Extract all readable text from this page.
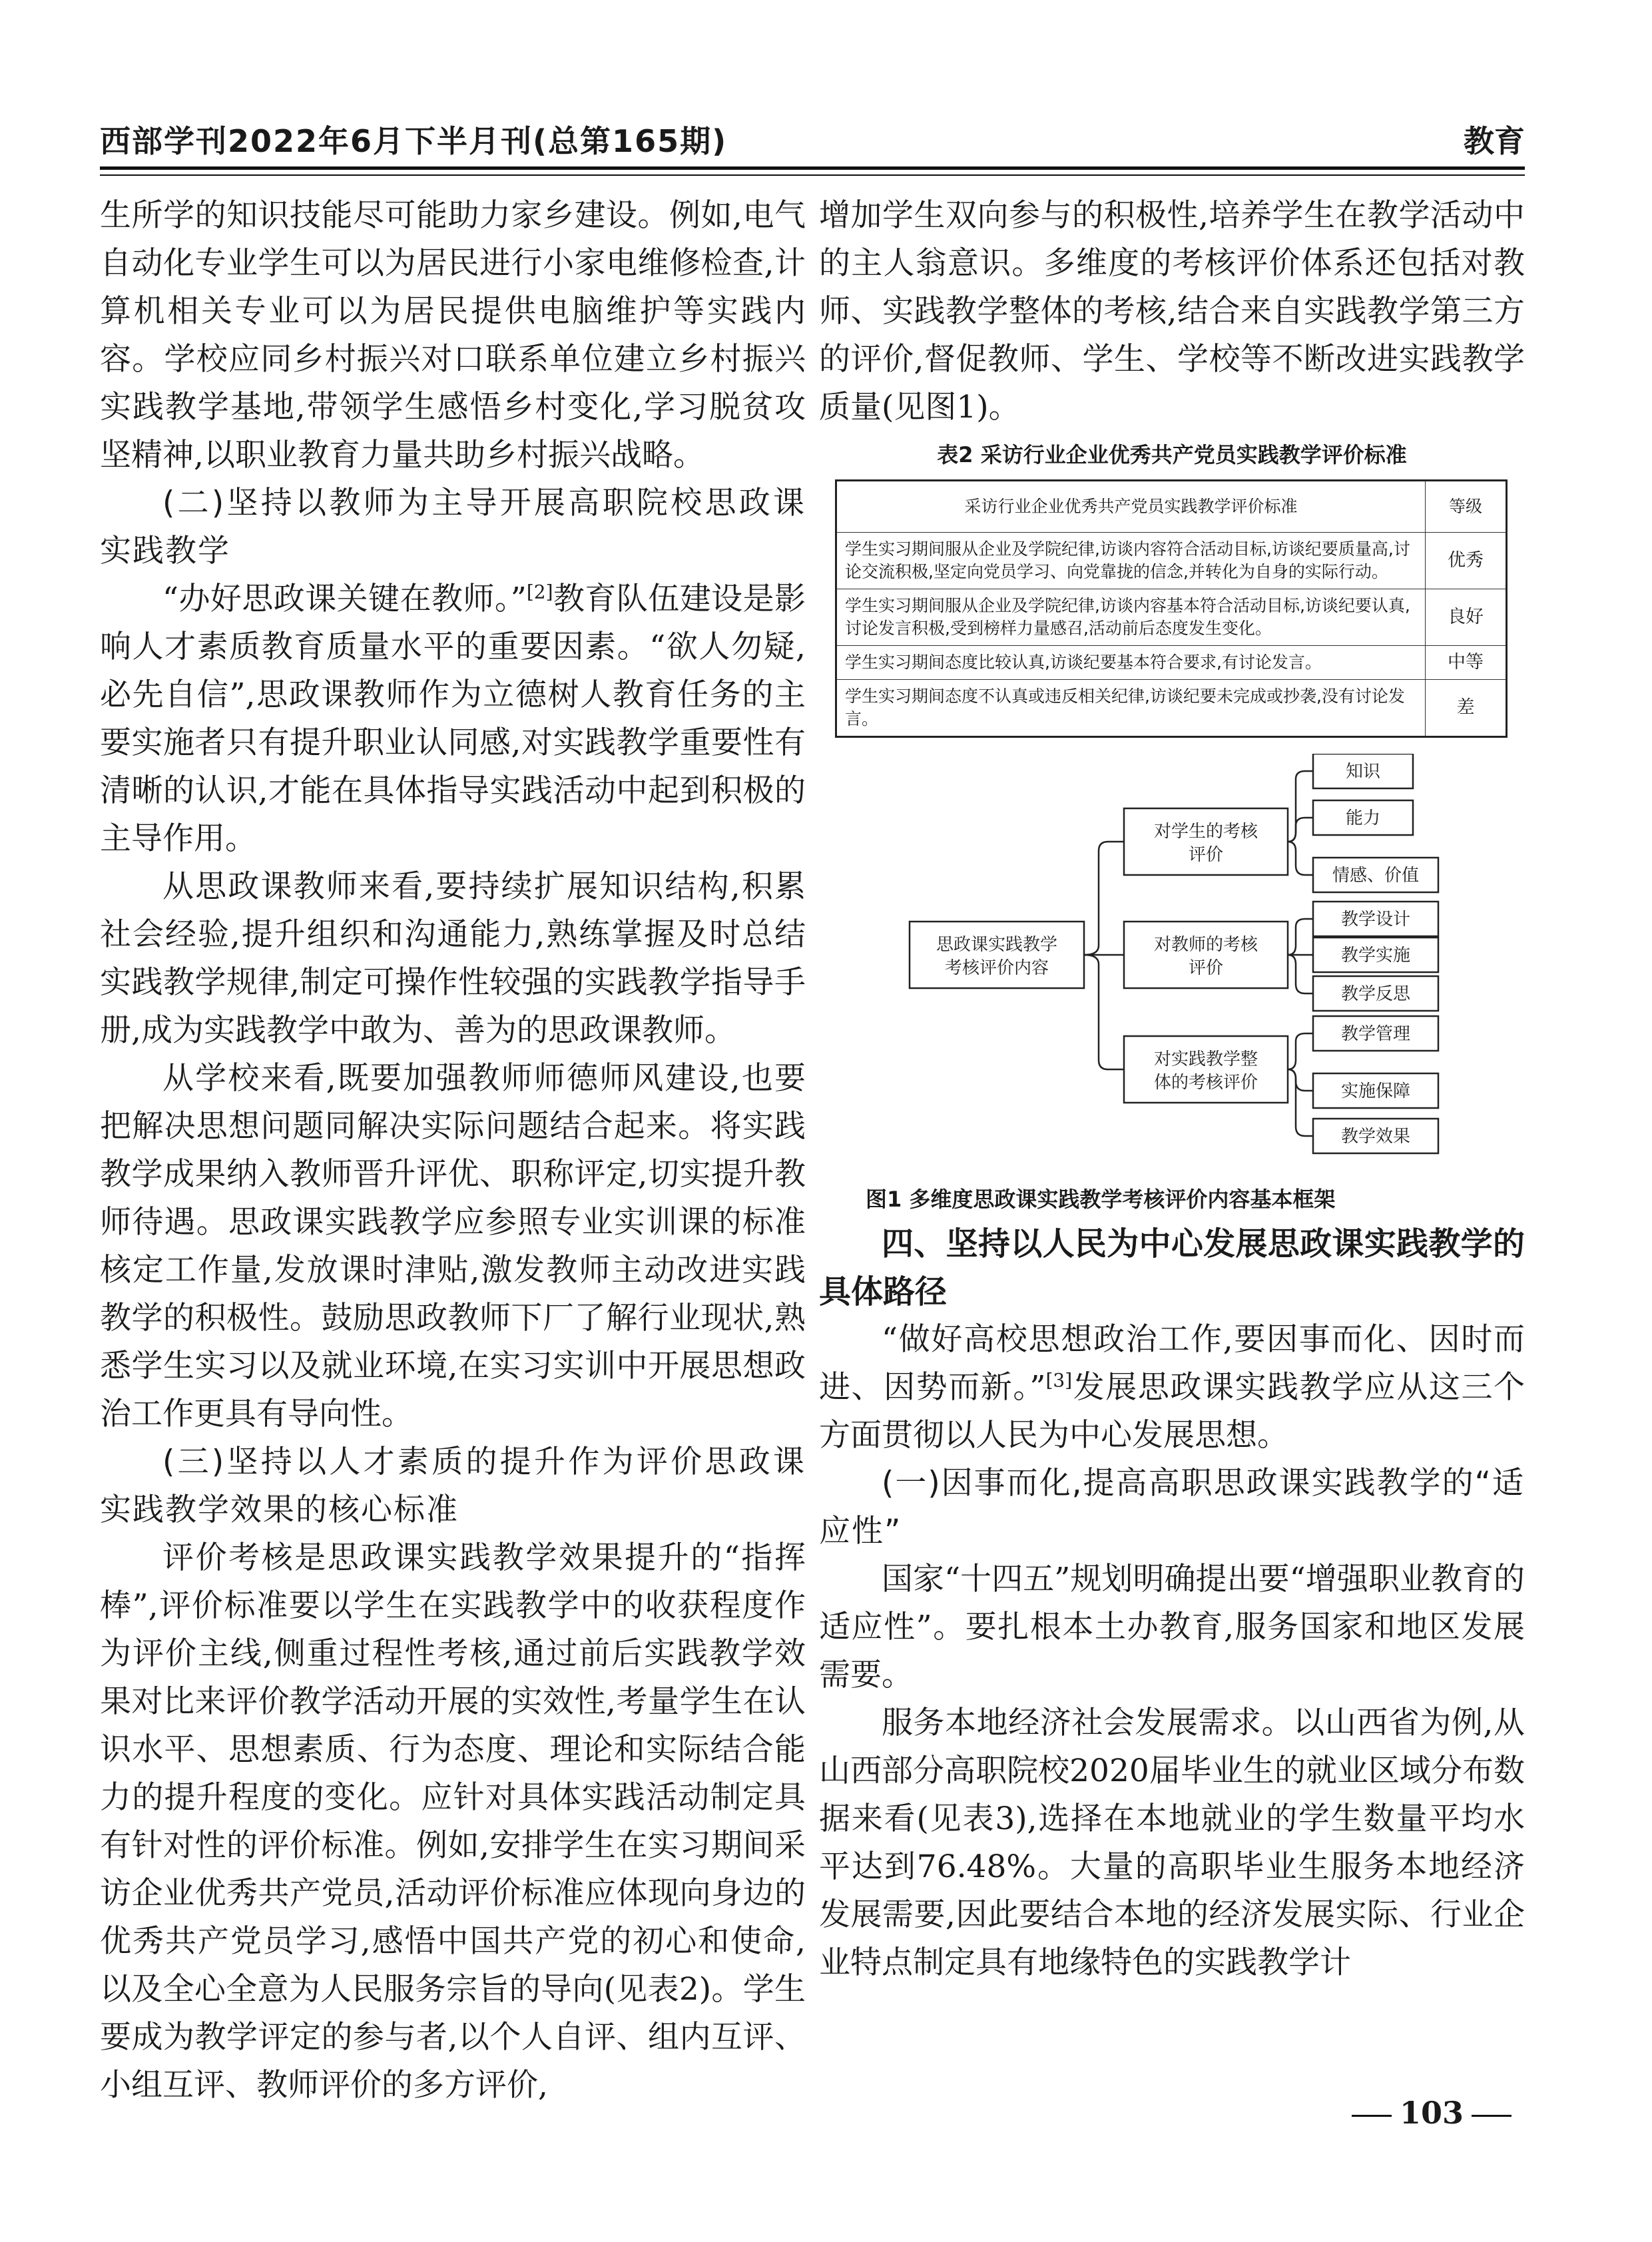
西部学刊2022年6月下半月刊(总第165期)	教育

生所学的知识技能尽可能助力家乡建设。例如,电气自动化专业学生可以为居民进行小家电维修检查,计算机相关专业可以为居民提供电脑维护等实践内容。学校应同乡村振兴对口联系单位建立乡村振兴实践教学基地,带领学生感悟乡村变化,学习脱贫攻坚精神,以职业教育力量共助乡村振兴战略。

(二)坚持以教师为主导开展高职院校思政课实践教学

“办好思政课关键在教师。”[2]教育队伍建设是影响人才素质教育质量水平的重要因素。“欲人勿疑,必先自信”,思政课教师作为立德树人教育任务的主要实施者只有提升职业认同感,对实践教学重要性有清晰的认识,才能在具体指导实践活动中起到积极的主导作用。

从思政课教师来看,要持续扩展知识结构,积累社会经验,提升组织和沟通能力,熟练掌握及时总结实践教学规律,制定可操作性较强的实践教学指导手册,成为实践教学中敢为、善为的思政课教师。

从学校来看,既要加强教师师德师风建设,也要把解决思想问题同解决实际问题结合起来。将实践教学成果纳入教师晋升评优、职称评定,切实提升教师待遇。思政课实践教学应参照专业实训课的标准核定工作量,发放课时津贴,激发教师主动改进实践教学的积极性。鼓励思政教师下厂了解行业现状,熟悉学生实习以及就业环境,在实习实训中开展思想政治工作更具有导向性。

(三)坚持以人才素质的提升作为评价思政课实践教学效果的核心标准

评价考核是思政课实践教学效果提升的“指挥棒”,评价标准要以学生在实践教学中的收获程度作为评价主线,侧重过程性考核,通过前后实践教学效果对比来评价教学活动开展的实效性,考量学生在认识水平、思想素质、行为态度、理论和实际结合能力的提升程度的变化。应针对具体实践活动制定具有针对性的评价标准。例如,安排学生在实习期间采访企业优秀共产党员,活动评价标准应体现向身边的优秀共产党员学习,感悟中国共产党的初心和使命,以及全心全意为人民服务宗旨的导向(见表2)。学生要成为教学评定的参与者,以个人自评、组内互评、小组互评、教师评价的多方评价,

增加学生双向参与的积极性,培养学生在教学活动中的主人翁意识。多维度的考核评价体系还包括对教师、实践教学整体的考核,结合来自实践教学第三方的评价,督促教师、学生、学校等不断改进实践教学质量(见图1)。

表2 采访行业企业优秀共产党员实践教学评价标准
采访行业企业优秀共产党员实践教学评价标准	等级
学生实习期间服从企业及学院纪律,访谈内容符合活动目标,访谈纪要质量高,讨论交流积极,坚定向党员学习、向党靠拢的信念,并转化为自身的实际行动。	优秀
学生实习期间服从企业及学院纪律,访谈内容基本符合活动目标,访谈纪要认真,讨论发言积极,受到榜样力量感召,活动前后态度发生变化。	良好
学生实习期间态度比较认真,访谈纪要基本符合要求,有讨论发言。	中等
学生实习期间态度不认真或违反相关纪律,访谈纪要未完成或抄袭,没有讨论发言。	差
思政课实践教学
考核评价内容
对学生的考核
评价
对教师的考核
评价
对实践教学整
体的考核评价
知识
能力
情感、价值
教学设计
教学实施
教学反思
教学管理
实施保障
教学效果
图1 多维度思政课实践教学考核评价内容基本框架
四、坚持以人民为中心发展思政课实践教学的具体路径

“做好高校思想政治工作,要因事而化、因时而进、因势而新。”[3]发展思政课实践教学应从这三个方面贯彻以人民为中心发展思想。

(一)因事而化,提高高职思政课实践教学的“适应性”

国家“十四五”规划明确提出要“增强职业教育的适应性”。要扎根本土办教育,服务国家和地区发展需要。

服务本地经济社会发展需求。以山西省为例,从山西部分高职院校2020届毕业生的就业区域分布数据来看(见表3),选择在本地就业的学生数量平均水平达到76.48%。大量的高职毕业生服务本地经济发展需要,因此要结合本地的经济发展实际、行业企业特点制定具有地缘特色的实践教学计

103
